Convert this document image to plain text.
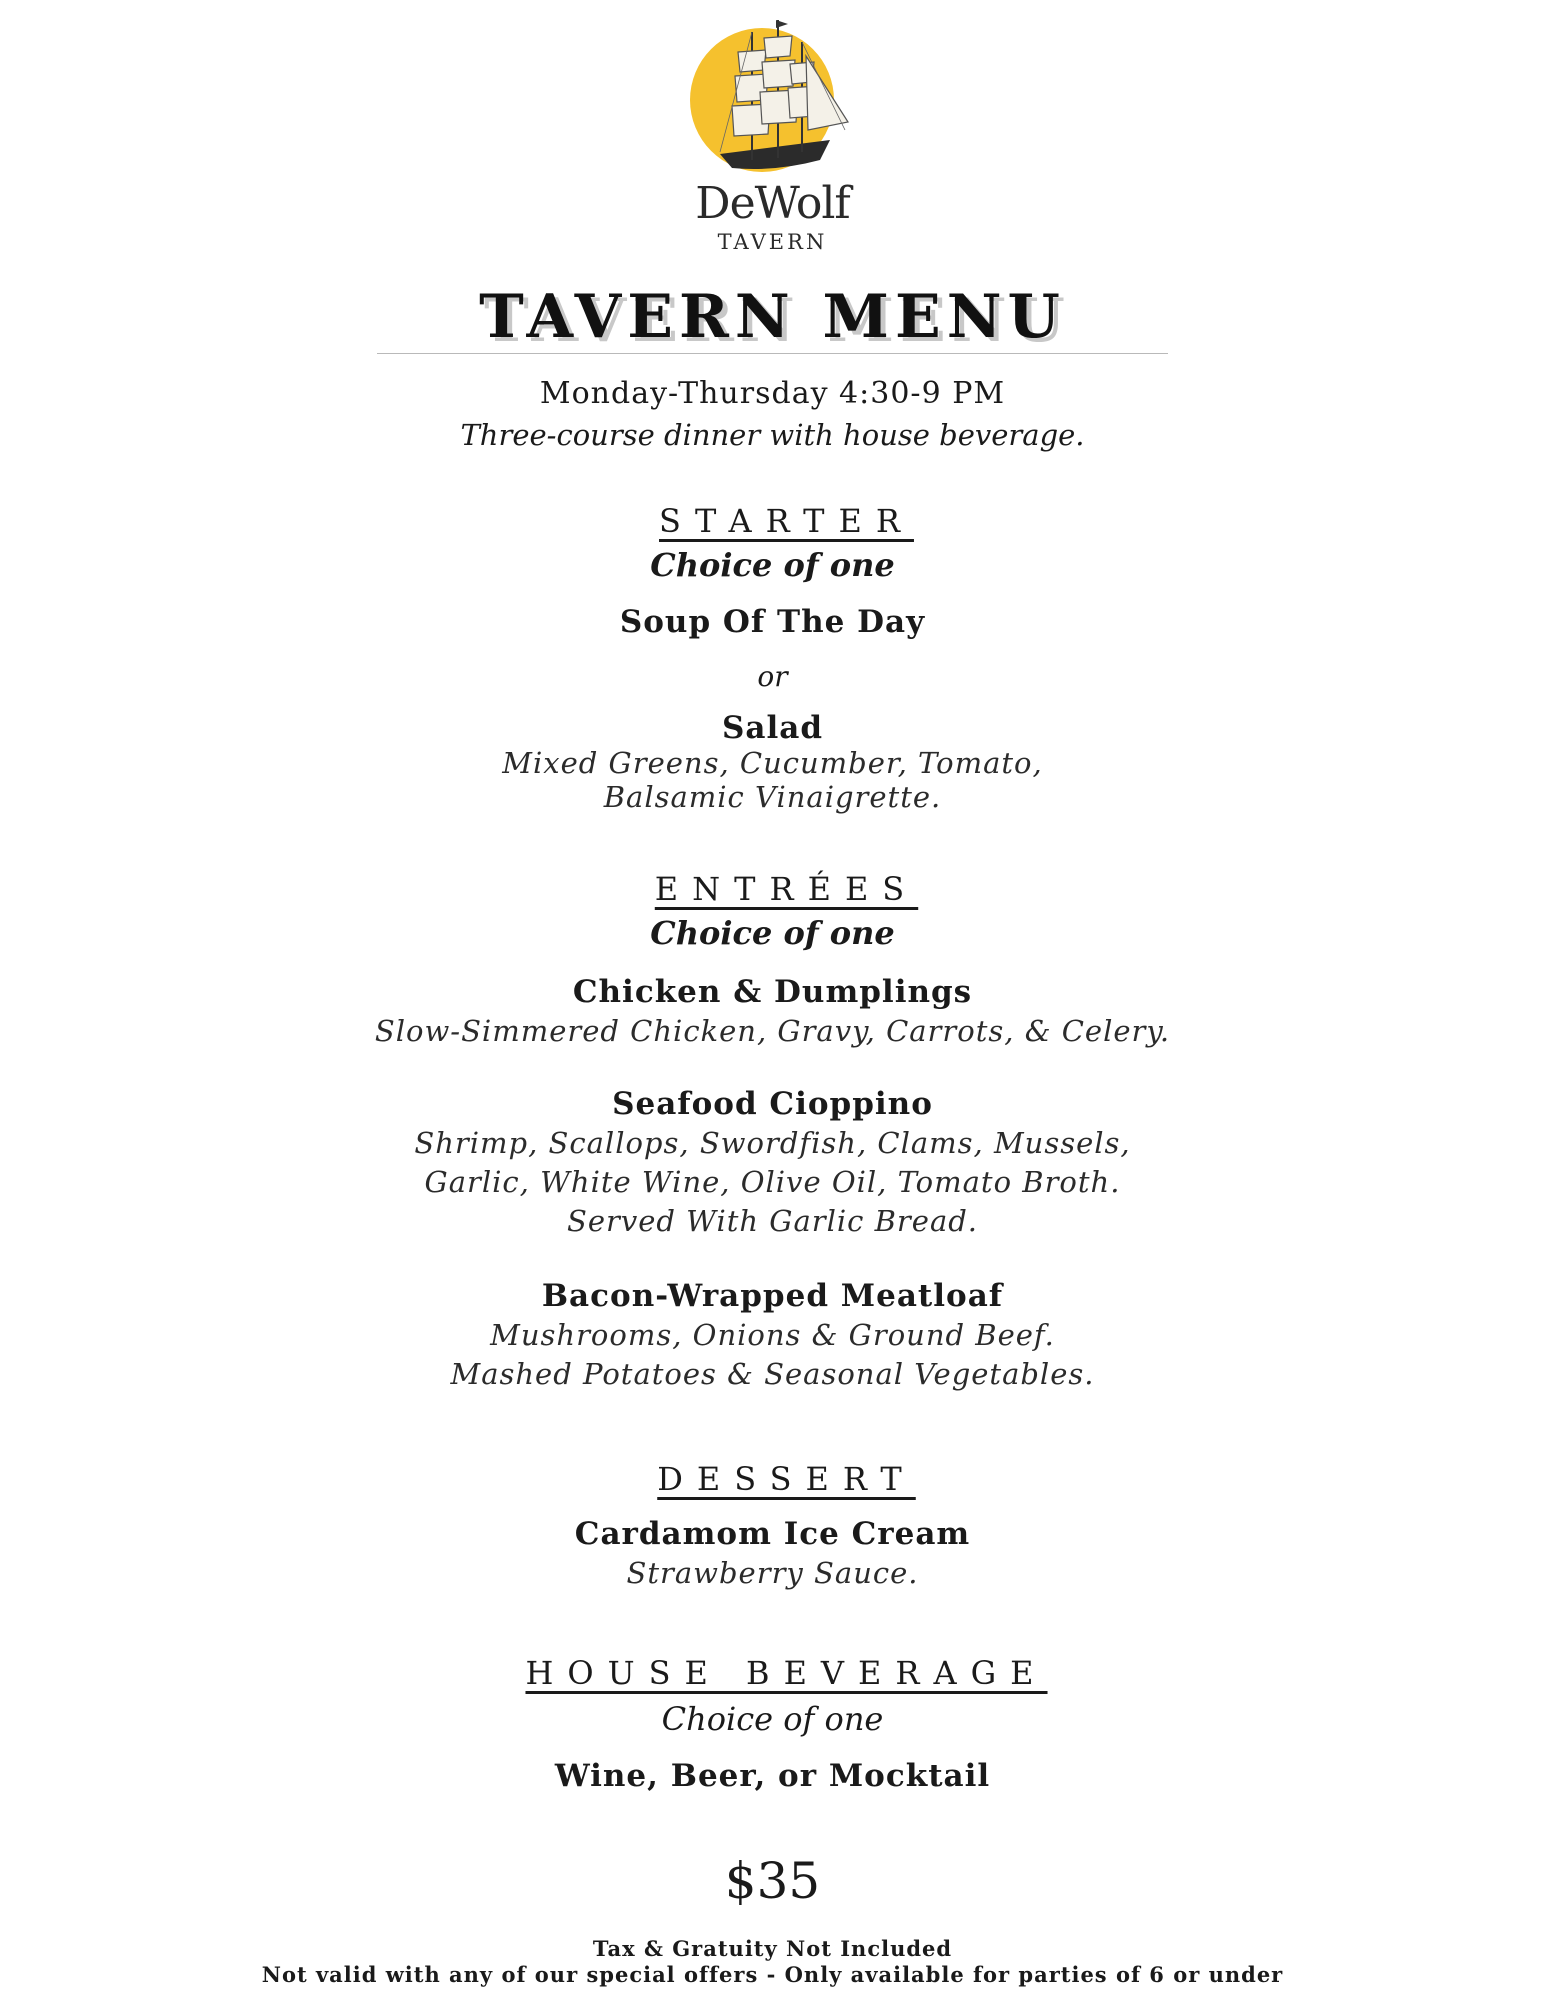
DeWolf
TAVERN
TAVERN MENU
Monday-Thursday 4:30-9 PM
Three-course dinner with house beverage.
STARTER
Choice of one
Soup Of The Day
or
Salad
Mixed Greens, Cucumber, Tomato,
Balsamic Vinaigrette.
ENTRÉES
Choice of one
Chicken & Dumplings
Slow-Simmered Chicken, Gravy, Carrots, & Celery.
Seafood Cioppino
Shrimp, Scallops, Swordfish, Clams, Mussels,
Garlic, White Wine, Olive Oil, Tomato Broth.
Served With Garlic Bread.
Bacon-Wrapped Meatloaf
Mushrooms, Onions & Ground Beef.
Mashed Potatoes & Seasonal Vegetables.
DESSERT
Cardamom Ice Cream
Strawberry Sauce.
HOUSE BEVERAGE
Choice of one
Wine, Beer, or Mocktail
$35
Tax & Gratuity Not Included
Not valid with any of our special offers - Only available for parties of 6 or under
